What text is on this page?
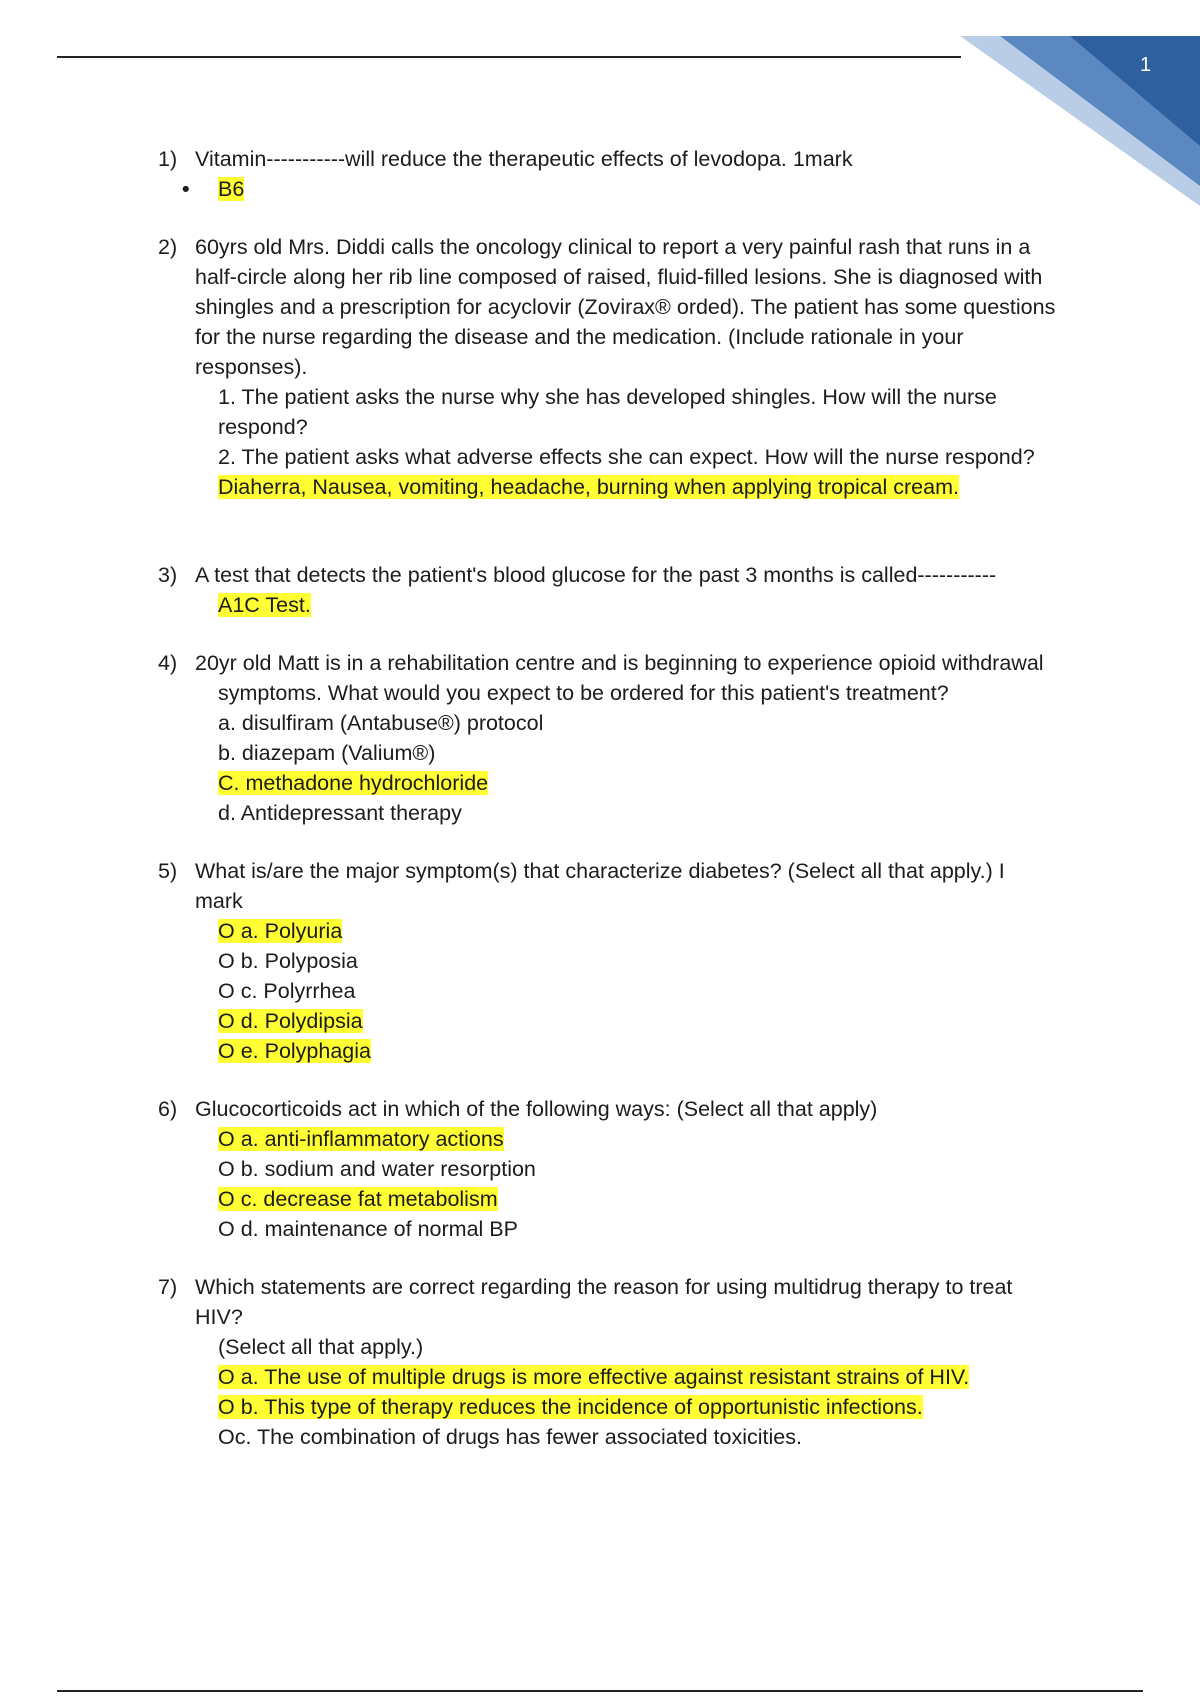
1
1) Vitamin-----------will reduce the therapeutic effects of levodopa. 1mark
• B6
2) 60yrs old Mrs. Diddi calls the oncology clinical to report a very painful rash that runs in a
half-circle along her rib line composed of raised, fluid-filled lesions. She is diagnosed with
shingles and a prescription for acyclovir (Zovirax® orded). The patient has some questions
for the nurse regarding the disease and the medication. (Include rationale in your
responses).
1. The patient asks the nurse why she has developed shingles. How will the nurse
respond?
2. The patient asks what adverse effects she can expect. How will the nurse respond?
Diaherra, Nausea, vomiting, headache, burning when applying tropical cream.
3) A test that detects the patient's blood glucose for the past 3 months is called-----------
A1C Test.
4) 20yr old Matt is in a rehabilitation centre and is beginning to experience opioid withdrawal
symptoms. What would you expect to be ordered for this patient's treatment?
a. disulfiram (Antabuse®) protocol
b. diazepam (Valium®)
C. methadone hydrochloride
d. Antidepressant therapy
5) What is/are the major symptom(s) that characterize diabetes? (Select all that apply.) I
mark
O a. Polyuria
O b. Polyposia
O c. Polyrrhea
O d. Polydipsia
O e. Polyphagia
6) Glucocorticoids act in which of the following ways: (Select all that apply)
O a. anti-inflammatory actions
O b. sodium and water resorption
O c. decrease fat metabolism
O d. maintenance of normal BP
7) Which statements are correct regarding the reason for using multidrug therapy to treat
HIV?
(Select all that apply.)
O a. The use of multiple drugs is more effective against resistant strains of HIV.
O b. This type of therapy reduces the incidence of opportunistic infections.
Oc. The combination of drugs has fewer associated toxicities.
